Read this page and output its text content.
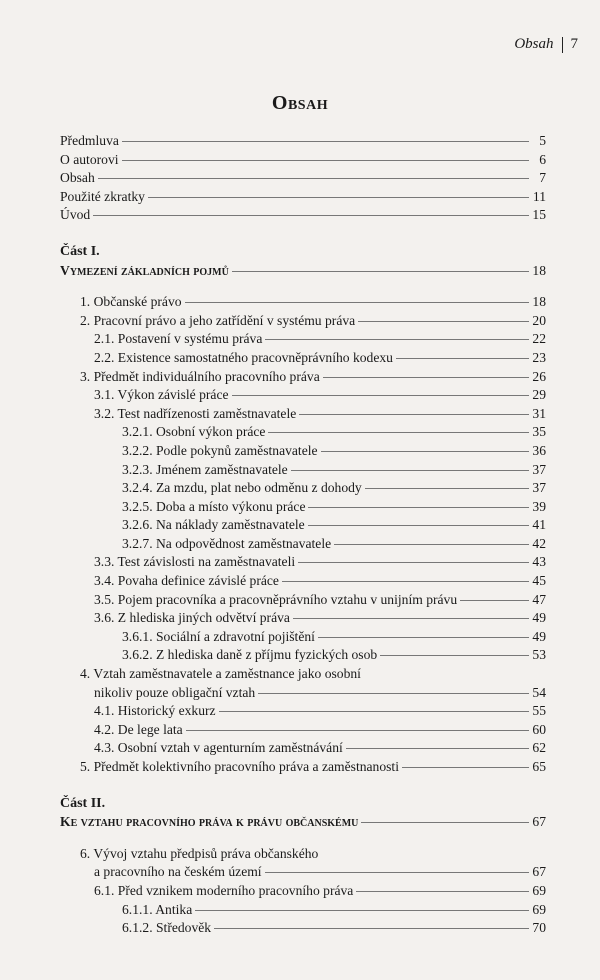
Obsah 7
Obsah
Předmluva	5
O autorovi	6
Obsah	7
Použité zkratky	11
Úvod	15
Část I.
Vymezení základních pojmů	18
1. Občanské právo	18
2. Pracovní právo a jeho zatřídění v systému práva	20
2.1. Postavení v systému práva	22
2.2. Existence samostatného pracovněprávního kodexu	23
3. Předmět individuálního pracovního práva	26
3.1. Výkon závislé práce	29
3.2. Test nadřízenosti zaměstnavatele	31
3.2.1. Osobní výkon práce	35
3.2.2. Podle pokynů zaměstnavatele	36
3.2.3. Jménem zaměstnavatele	37
3.2.4. Za mzdu, plat nebo odměnu z dohody	37
3.2.5. Doba a místo výkonu práce	39
3.2.6. Na náklady zaměstnavatele	41
3.2.7. Na odpovědnost zaměstnavatele	42
3.3. Test závislosti na zaměstnavateli	43
3.4. Povaha definice závislé práce	45
3.5. Pojem pracovníka a pracovněprávního vztahu v unijním právu	47
3.6. Z hlediska jiných odvětví práva	49
3.6.1. Sociální a zdravotní pojištění	49
3.6.2. Z hlediska daně z příjmu fyzických osob	53
4. Vztah zaměstnavatele a zaměstnance jako osobní
nikoliv pouze obligační vztah	54
4.1. Historický exkurz	55
4.2. De lege lata	60
4.3. Osobní vztah v agenturním zaměstnávání	62
5. Předmět kolektivního pracovního práva a zaměstnanosti	65
Část II.
Ke vztahu pracovního práva k právu občanskému	67
6. Vývoj vztahu předpisů práva občanského
a pracovního na českém území	67
6.1. Před vznikem moderního pracovního práva	69
6.1.1. Antika	69
6.1.2. Středověk	70
